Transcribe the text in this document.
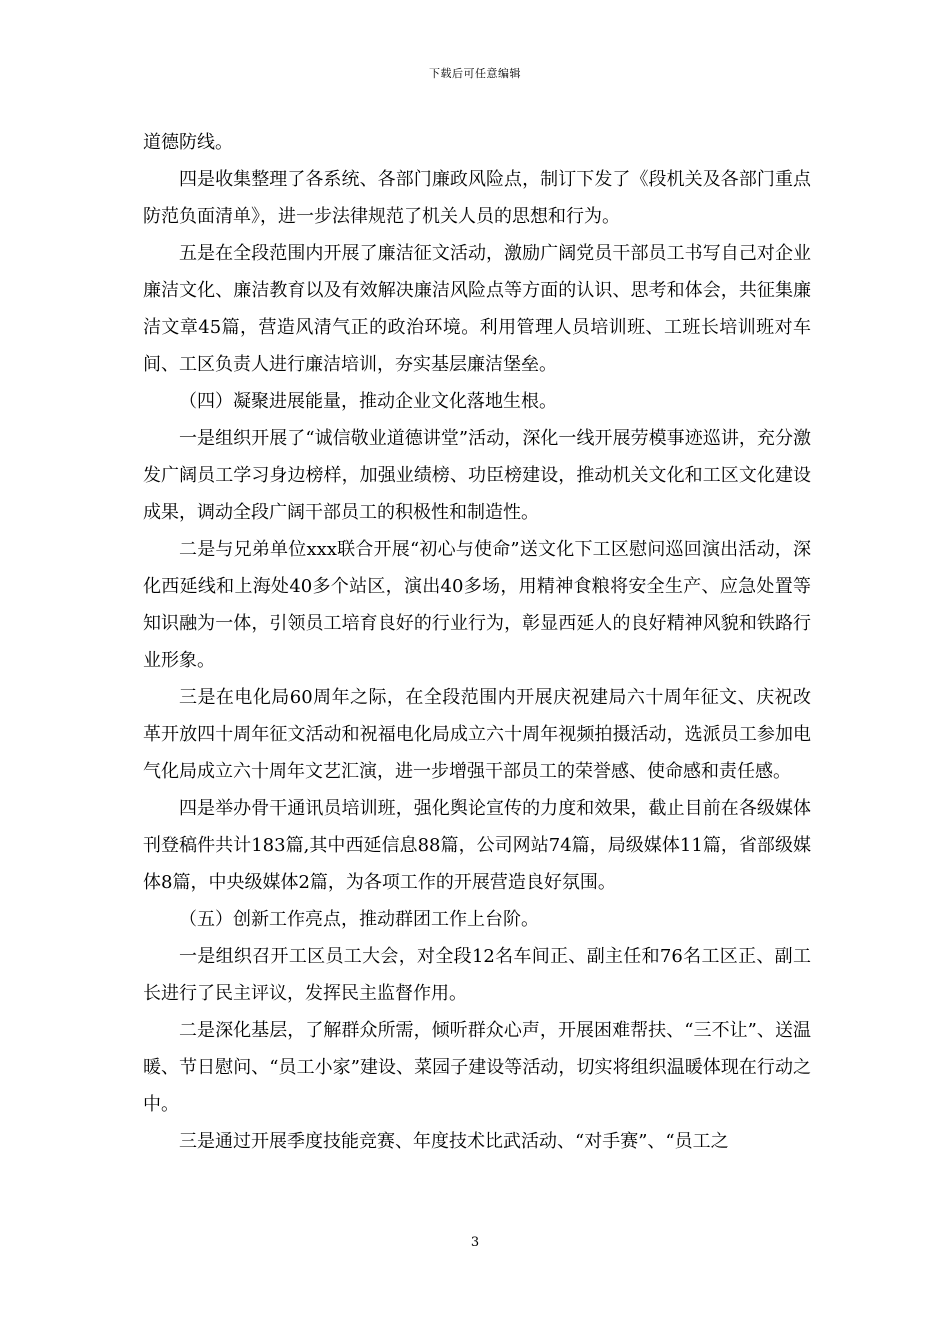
下载后可任意编辑

道德防线。

四是收集整理了各系统、各部门廉政风险点，制订下发了《段机关及各部门重点防范负面清单》，进一步法律规范了机关人员的思想和行为。

五是在全段范围内开展了廉洁征文活动，激励广阔党员干部员工书写自己对企业廉洁文化、廉洁教育以及有效解决廉洁风险点等方面的认识、思考和体会，共征集廉洁文章45篇，营造风清气正的政治环境。利用管理人员培训班、工班长培训班对车间、工区负责人进行廉洁培训，夯实基层廉洁堡垒。

（四）凝聚进展能量，推动企业文化落地生根。

一是组织开展了“诚信敬业道德讲堂”活动，深化一线开展劳模事迹巡讲，充分激发广阔员工学习身边榜样，加强业绩榜、功臣榜建设，推动机关文化和工区文化建设成果，调动全段广阔干部员工的积极性和制造性。

二是与兄弟单位xxx联合开展“初心与使命”送文化下工区慰问巡回演出活动，深化西延线和上海处40多个站区，演出40多场，用精神食粮将安全生产、应急处置等知识融为一体，引领员工培育良好的行业行为，彰显西延人的良好精神风貌和铁路行业形象。

三是在电化局60周年之际，在全段范围内开展庆祝建局六十周年征文、庆祝改革开放四十周年征文活动和祝福电化局成立六十周年视频拍摄活动，选派员工参加电气化局成立六十周年文艺汇演，进一步增强干部员工的荣誉感、使命感和责任感。

四是举办骨干通讯员培训班，强化舆论宣传的力度和效果，截止目前在各级媒体刊登稿件共计183篇,其中西延信息88篇，公司网站74篇，局级媒体11篇，省部级媒体8篇，中央级媒体2篇，为各项工作的开展营造良好氛围。

（五）创新工作亮点，推动群团工作上台阶。

一是组织召开工区员工大会，对全段12名车间正、副主任和76名工区正、副工长进行了民主评议，发挥民主监督作用。

二是深化基层，了解群众所需，倾听群众心声，开展困难帮扶、“三不让”、送温暖、节日慰问、“员工小家”建设、菜园子建设等活动，切实将组织温暖体现在行动之中。

三是通过开展季度技能竞赛、年度技术比武活动、“对手赛”、“员工之

3
